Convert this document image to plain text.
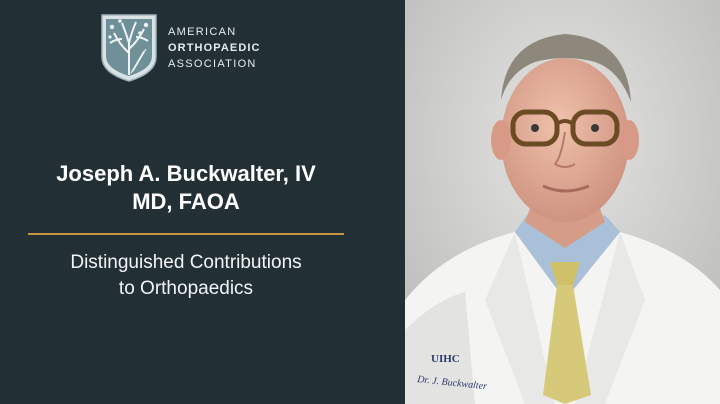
AMERICAN
ORTHOPAEDIC
ASSOCIATION
Joseph A. Buckwalter, IV
MD, FAOA
Distinguished Contributions
to Orthopaedics
UIHC
Dr. J. Buckwalter
